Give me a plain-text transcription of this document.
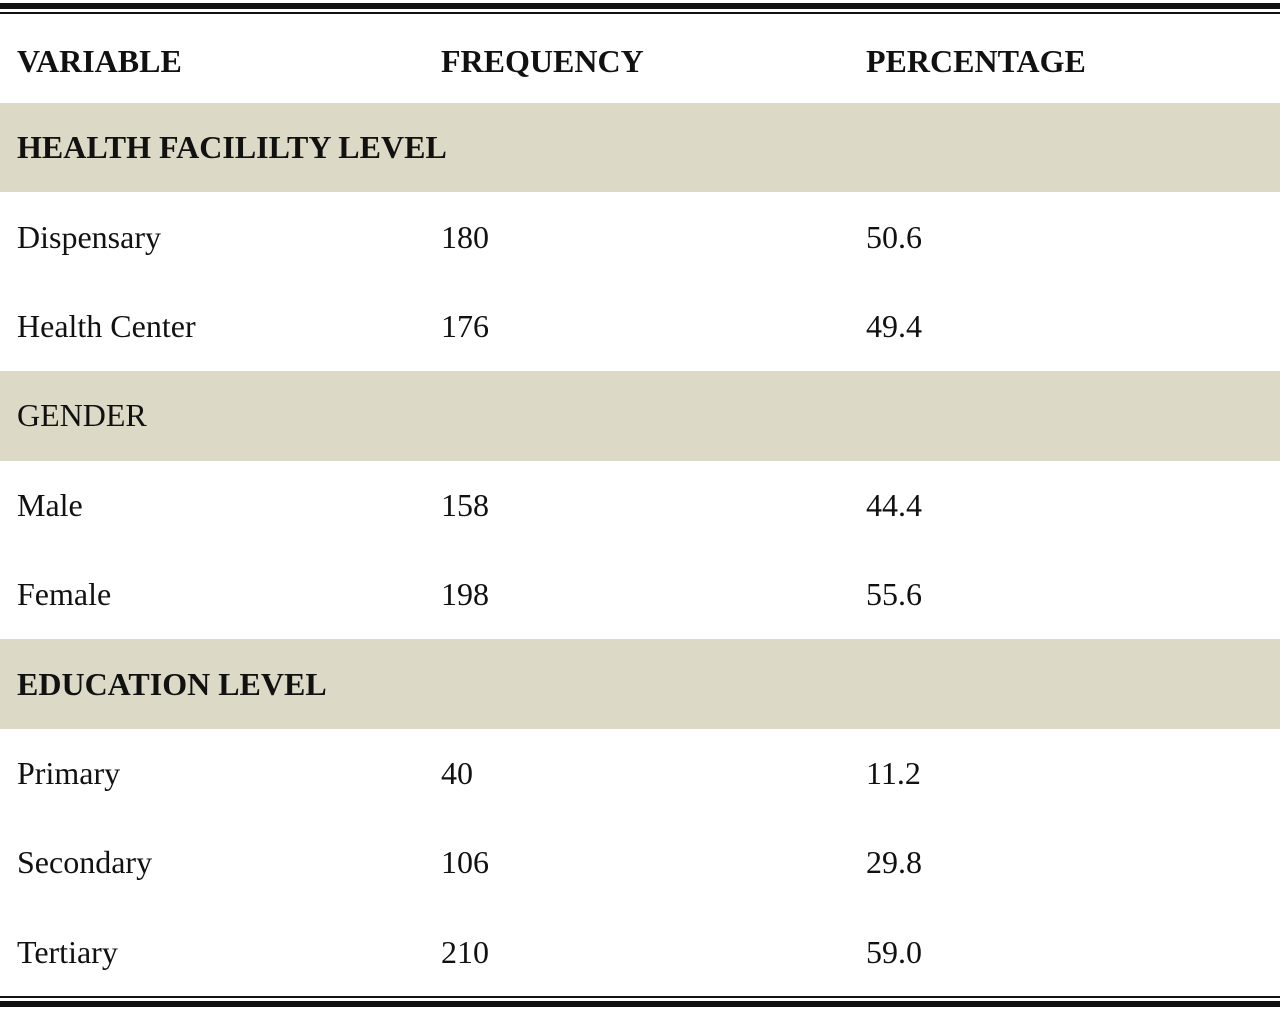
VARIABLE	FREQUENCY	PERCENTAGE
HEALTH FACILILTY LEVEL		
Dispensary	180	50.6
Health Center	176	49.4
GENDER		
Male	158	44.4
Female	198	55.6
EDUCATION LEVEL		
Primary	40	11.2
Secondary	106	29.8
Tertiary	210	59.0
